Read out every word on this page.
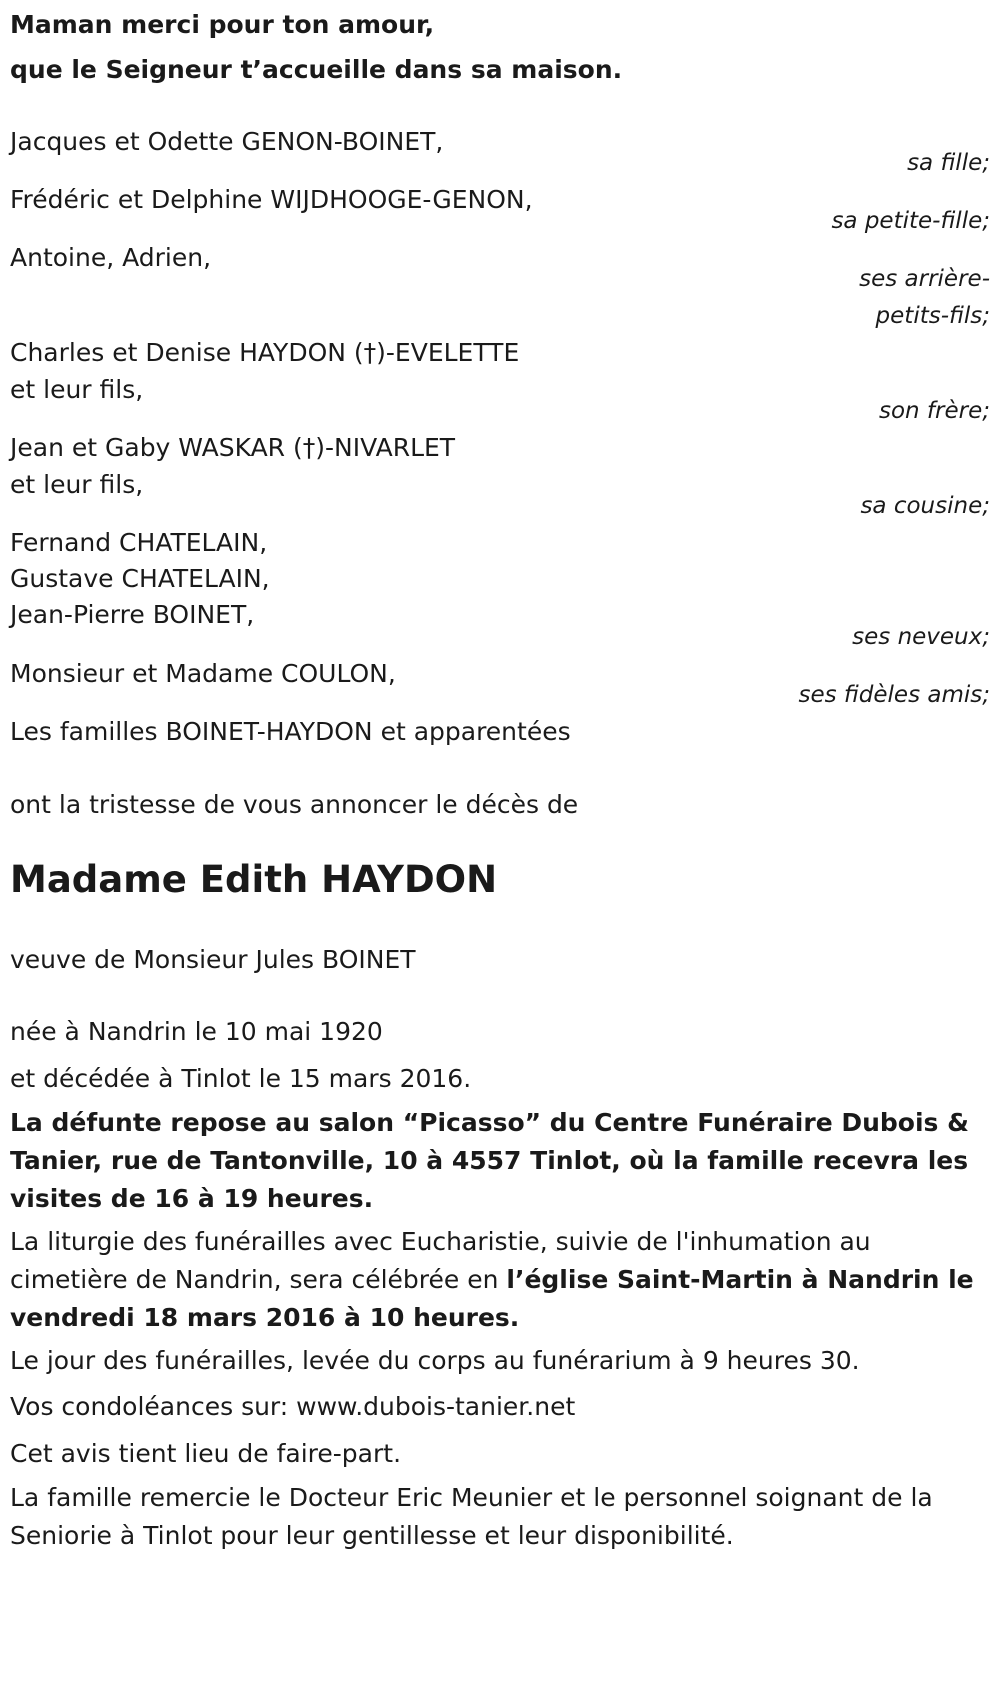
Maman merci pour ton amour,
que le Seigneur t’accueille dans sa maison.
Jacques et Odette GENON-BOINET,
sa fille;
Frédéric et Delphine WIJDHOOGE-GENON,
sa petite-fille;
Antoine, Adrien,
ses arrière-
petits-fils;
Charles et Denise HAYDON (†)-EVELETTE
et leur fils,
son frère;
Jean et Gaby WASKAR (†)-NIVARLET
et leur fils,
sa cousine;
Fernand CHATELAIN,
Gustave CHATELAIN,
Jean-Pierre BOINET,
ses neveux;
Monsieur et Madame COULON,
ses fidèles amis;
Les familles BOINET-HAYDON et apparentées
ont la tristesse de vous annoncer le décès de
Madame Edith HAYDON
veuve de Monsieur Jules BOINET
née à Nandrin le 10 mai 1920
et décédée à Tinlot le 15 mars 2016.
La défunte repose au salon “Picasso” du Centre Funéraire Dubois & Tanier, rue de Tantonville, 10 à 4557 Tinlot, où la famille recevra les visites de 16 à 19 heures.
La liturgie des funérailles avec Eucharistie, suivie de l'inhumation au cimetière de Nandrin, sera célébrée en l’église Saint-Martin à Nandrin le vendredi 18 mars 2016 à 10 heures.
Le jour des funérailles, levée du corps au funérarium à 9 heures 30.
Vos condoléances sur: www.dubois-tanier.net
Cet avis tient lieu de faire-part.
La famille remercie le Docteur Eric Meunier et le personnel soignant de la Seniorie à Tinlot pour leur gentillesse et leur disponibilité.
